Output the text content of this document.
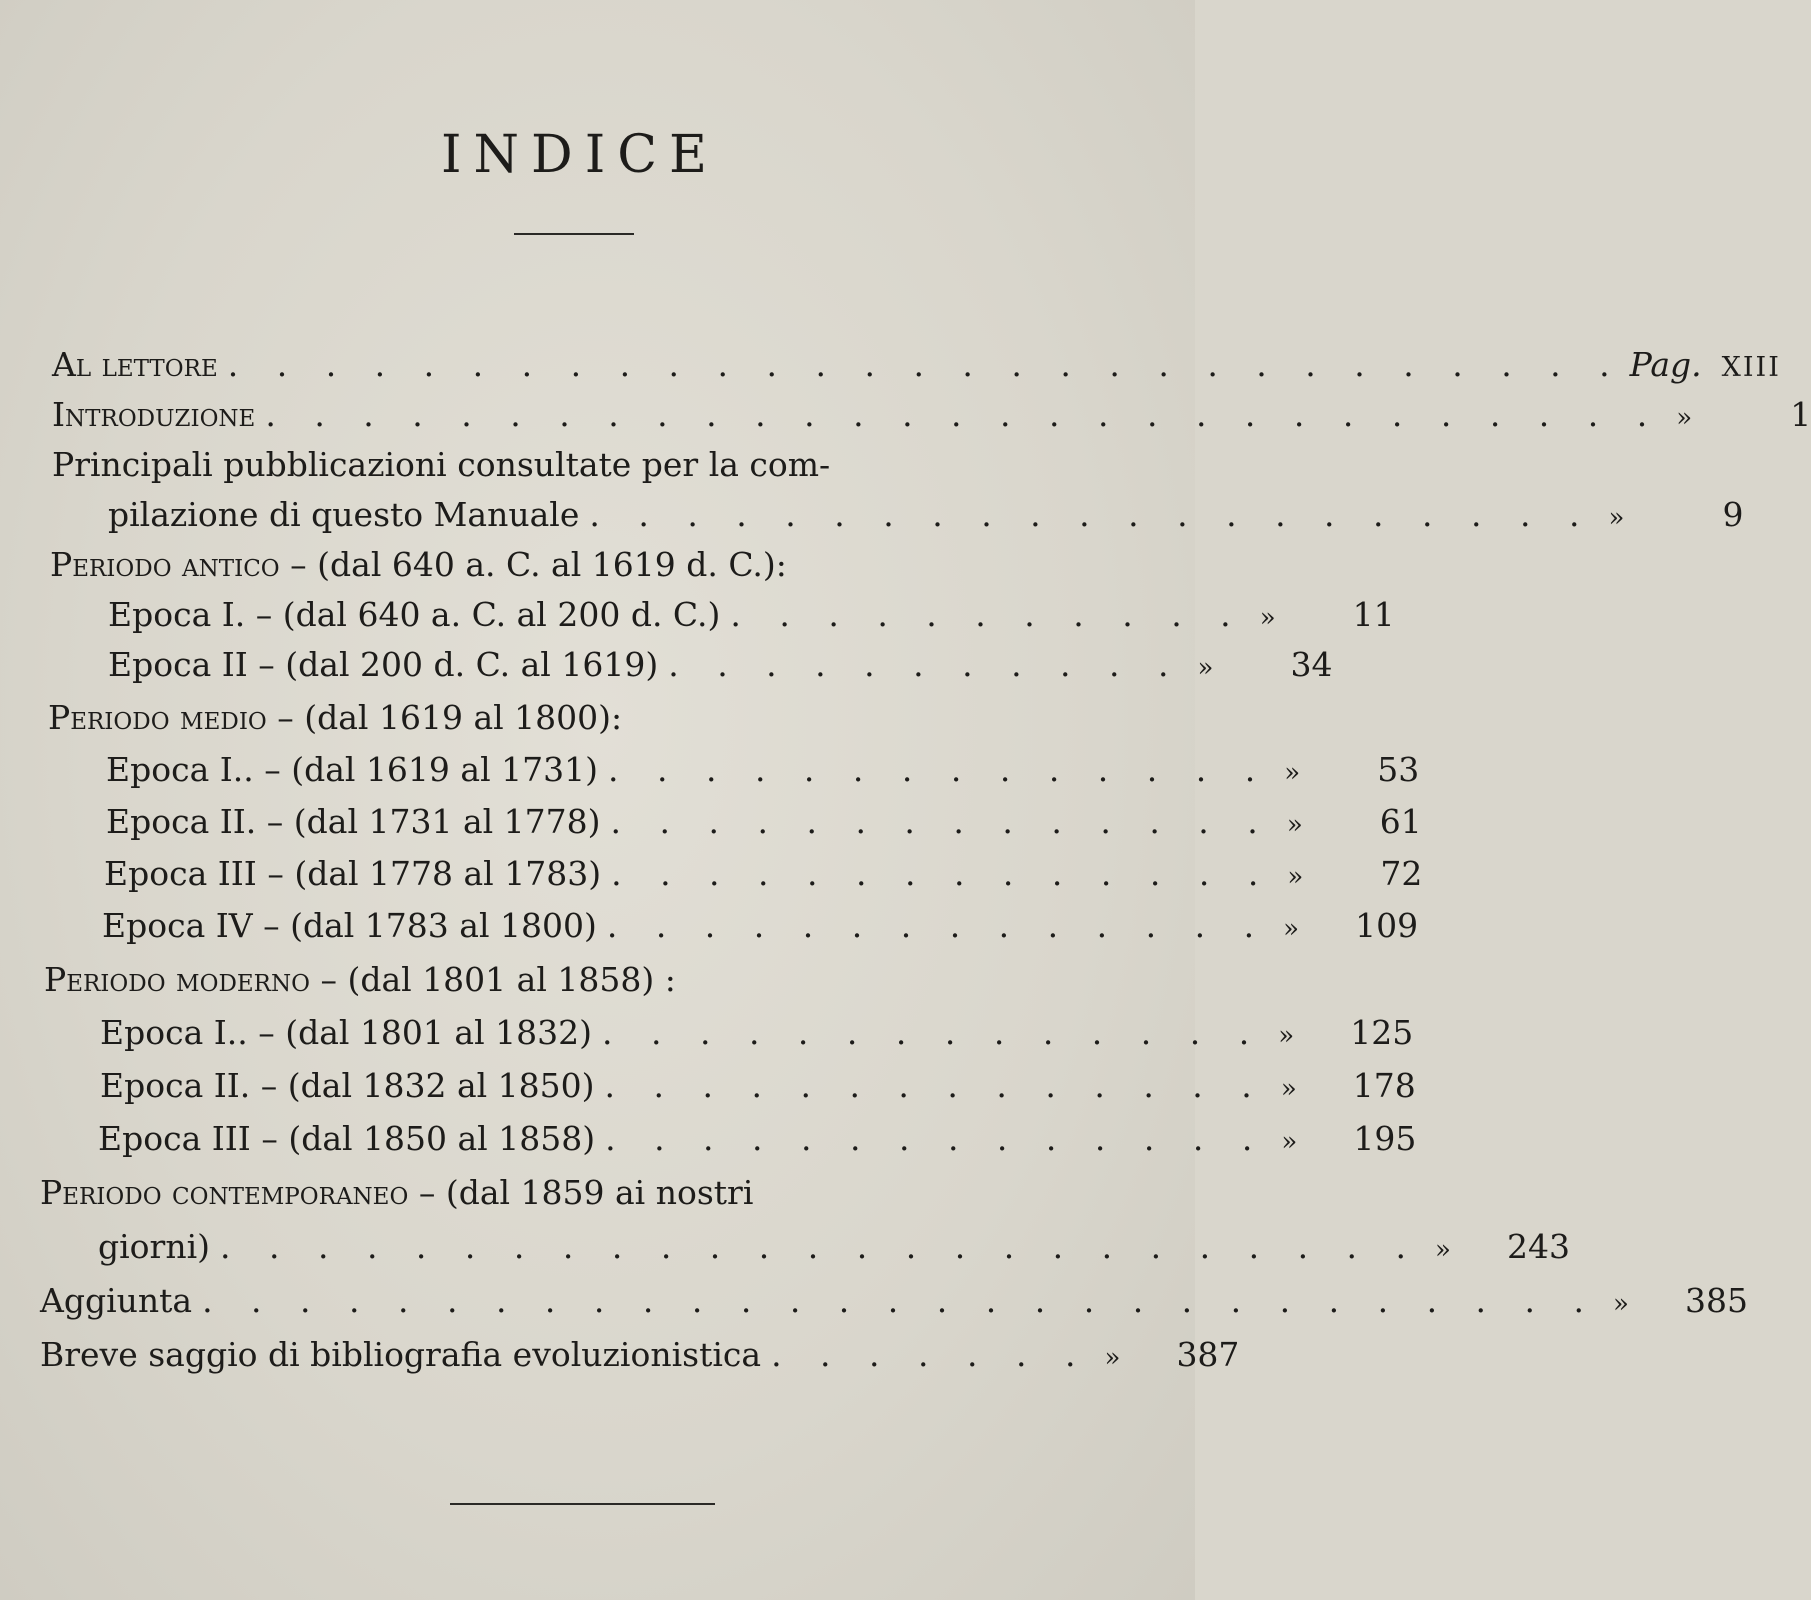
INDICE
Al lettore . . . . . . . . . . . . . . . . . . . . . . . . . . . . . Pag. XIII
Introduzione . . . . . . . . . . . . . . . . . . . . . . . . . . . . . »	1
Principali pubblicazioni consultate per la com-
pilazione di questo Manuale . . . . . . . . . . . . . . . . . . . . . »	9
Periodo antico – (dal 640 a. C. al 1619 d. C.):
Epoca I. – (dal 640 a. C. al 200 d. C.) . . . . . . . . . . . »	11
Epoca II – (dal 200 d. C. al 1619) . . . . . . . . . . . »	34
Periodo medio – (dal 1619 al 1800):
Epoca I.. – (dal 1619 al 1731) . . . . . . . . . . . . . . »	53
Epoca II. – (dal 1731 al 1778) . . . . . . . . . . . . . . »	61
Epoca III – (dal 1778 al 1783) . . . . . . . . . . . . . . »	72
Epoca IV – (dal 1783 al 1800) . . . . . . . . . . . . . . »	109
Periodo moderno – (dal 1801 al 1858) :
Epoca I.. – (dal 1801 al 1832) . . . . . . . . . . . . . . »	125
Epoca II. – (dal 1832 al 1850) . . . . . . . . . . . . . . »	178
Epoca III – (dal 1850 al 1858) . . . . . . . . . . . . . . »	195
Periodo contemporaneo – (dal 1859 ai nostri
giorni) . . . . . . . . . . . . . . . . . . . . . . . . . »	243
Aggiunta . . . . . . . . . . . . . . . . . . . . . . . . . . . . . »	385
Breve saggio di bibliografia evoluzionistica . . . . . . . »	387
